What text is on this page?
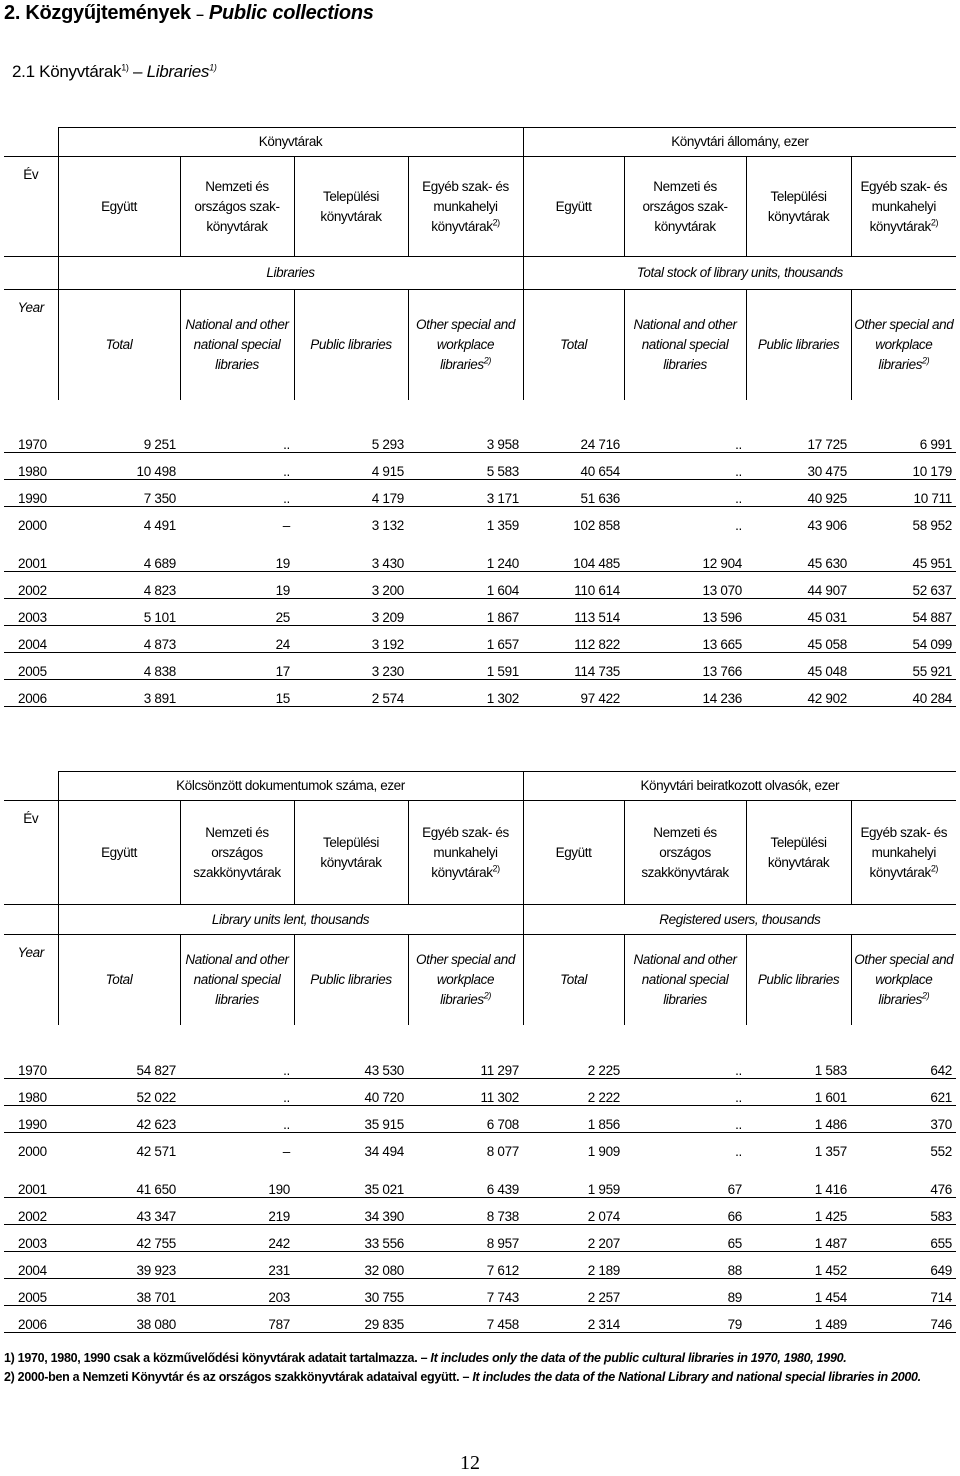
2. Közgyűjtemények – Public collections
2.1 Könyvtárak$^{1)}$ – Libraries$^{1)}$
	Könyvtárak				Könyvtári állomány, ezer			
Év	Együtt	Nemzeti és országos szak-könyvtárak	Települési könyvtárak	Egyéb szak- és munkahelyi könyvtárak$^{2)}$	Együtt	Nemzeti és országos szak-könyvtárak	Települési könyvtárak	Egyéb szak- és munkahelyi könyvtárak$^{2)}$
	Libraries				Total stock of library units, thousands			
Year	Total	National and other national special libraries	Public libraries	Other special and workplace libraries$^{2)}$	Total	National and other national special libraries	Public libraries	Other special and workplace libraries$^{2)}$
1970	9 251	..	5 293	3 958	24 716	..	17 725	6 991
1980	10 498	..	4 915	5 583	40 654	..	30 475	10 179
1990	7 350	..	4 179	3 171	51 636	..	40 925	10 711
2000	4 491	–	3 132	1 359	102 858	..	43 906	58 952

2001	4 689	19	3 430	1 240	104 485	12 904	45 630	45 951
2002	4 823	19	3 200	1 604	110 614	13 070	44 907	52 637
2003	5 101	25	3 209	1 867	113 514	13 596	45 031	54 887
2004	4 873	24	3 192	1 657	112 822	13 665	45 058	54 099
2005	4 838	17	3 230	1 591	114 735	13 766	45 048	55 921
2006	3 891	15	2 574	1 302	97 422	14 236	42 902	40 284
	Kölcsönzött dokumentumok száma, ezer				Könyvtári beiratkozott olvasók, ezer			
Év	Együtt	Nemzeti és országos szakkönyvtárak	Települési könyvtárak	Egyéb szak- és munkahelyi könyvtárak$^{2)}$	Együtt	Nemzeti és országos szakkönyvtárak	Települési könyvtárak	Egyéb szak- és munkahelyi könyvtárak$^{2)}$
	Library units lent, thousands				Registered users, thousands			
Year	Total	National and other national special libraries	Public libraries	Other special and workplace libraries$^{2)}$	Total	National and other national special libraries	Public libraries	Other special and workplace libraries$^{2)}$
1970	54 827	..	43 530	11 297	2 225	..	1 583	642
1980	52 022	..	40 720	11 302	2 222	..	1 601	621
1990	42 623	..	35 915	6 708	1 856	..	1 486	370
2000	42 571	–	34 494	8 077	1 909	..	1 357	552

2001	41 650	190	35 021	6 439	1 959	67	1 416	476
2002	43 347	219	34 390	8 738	2 074	66	1 425	583
2003	42 755	242	33 556	8 957	2 207	65	1 487	655
2004	39 923	231	32 080	7 612	2 189	88	1 452	649
2005	38 701	203	30 755	7 743	2 257	89	1 454	714
2006	38 080	787	29 835	7 458	2 314	79	1 489	746
1) 1970, 1980, 1990 csak a közművelődési könyvtárak adatait tartalmazza. – It includes only the data of the public cultural libraries in 1970, 1980, 1990.
2) 2000-ben a Nemzeti Könyvtár és az országos szakkönyvtárak adataival együtt. – It includes the data of the National Library and national special libraries in 2000.
12
